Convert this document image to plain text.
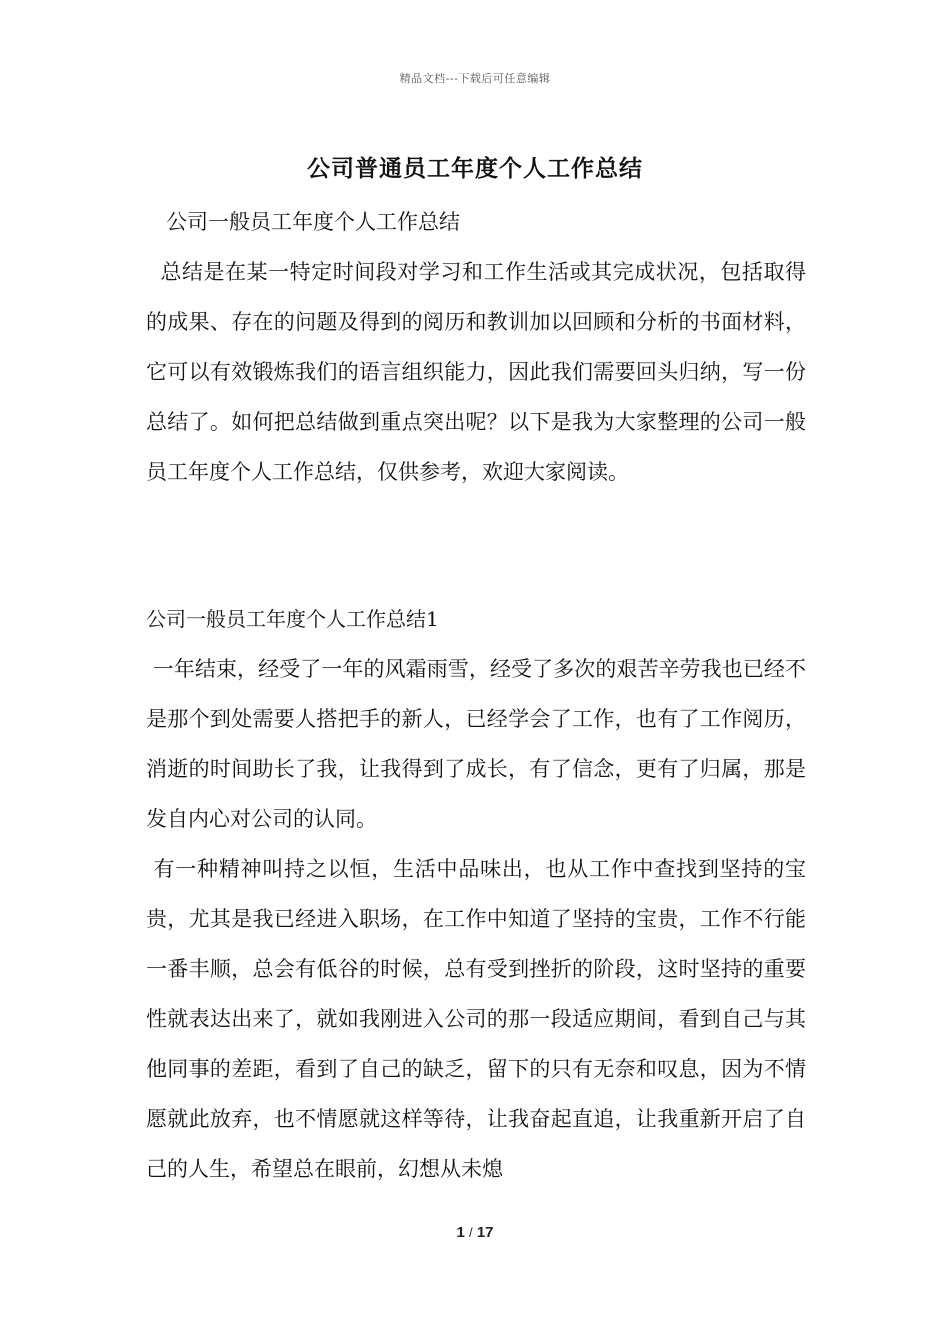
精品文档---下载后可任意编辑
公司普通员工年度个人工作总结
公司一般员工年度个人工作总结

总结是在某一特定时间段对学习和工作生活或其完成状况，包括取得的成果、存在的问题及得到的阅历和教训加以回顾和分析的书面材料，它可以有效锻炼我们的语言组织能力，因此我们需要回头归纳，写一份总结了。如何把总结做到重点突出呢？以下是我为大家整理的公司一般员工年度个人工作总结，仅供参考，欢迎大家阅读。

公司一般员工年度个人工作总结1

一年结束，经受了一年的风霜雨雪，经受了多次的艰苦辛劳我也已经不是那个到处需要人搭把手的新人，已经学会了工作，也有了工作阅历，消逝的时间助长了我，让我得到了成长，有了信念，更有了归属，那是发自内心对公司的认同。

有一种精神叫持之以恒，生活中品味出，也从工作中查找到坚持的宝贵，尤其是我已经进入职场，在工作中知道了坚持的宝贵，工作不行能一番丰顺，总会有低谷的时候，总有受到挫折的阶段，这时坚持的重要性就表达出来了，就如我刚进入公司的那一段适应期间，看到自己与其他同事的差距，看到了自己的缺乏，留下的只有无奈和叹息，因为不情愿就此放弃，也不情愿就这样等待，让我奋起直追，让我重新开启了自己的人生，希望总在眼前，幻想从未熄

1 / 17
